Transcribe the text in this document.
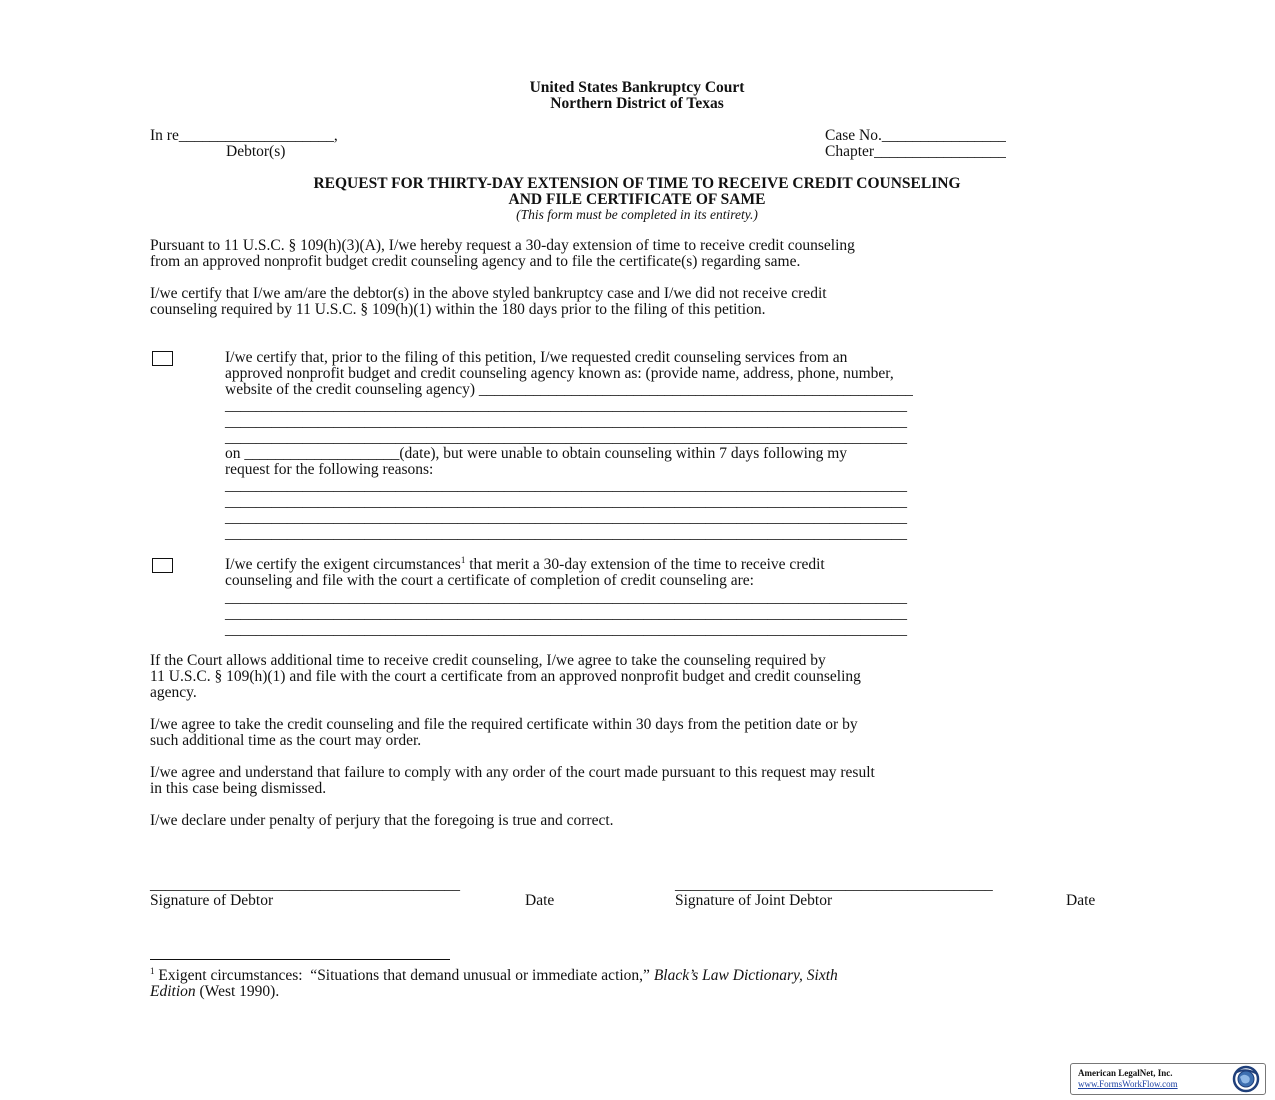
United States Bankruptcy Court
Northern District of Texas
In re____________________,
Debtor(s)
Case No.________________
Chapter_________________
REQUEST FOR THIRTY-DAY EXTENSION OF TIME TO RECEIVE CREDIT COUNSELING
AND FILE CERTIFICATE OF SAME
(This form must be completed in its entirety.)
Pursuant to 11 U.S.C. § 109(h)(3)(A), I/we hereby request a 30-day extension of time to receive credit counseling
from an approved nonprofit budget credit counseling agency and to file the certificate(s) regarding same.
I/we certify that I/we am/are the debtor(s) in the above styled bankruptcy case and I/we did not receive credit
counseling required by 11 U.S.C. § 109(h)(1) within the 180 days prior to the filing of this petition.
I/we certify that, prior to the filing of this petition, I/we requested credit counseling services from an
approved nonprofit budget and credit counseling agency known as: (provide name, address, phone, number,
website of the credit counseling agency) ________________________________________________________
________________________________________________________________________________________
________________________________________________________________________________________
________________________________________________________________________________________
on ____________________(date), but were unable to obtain counseling within 7 days following my
request for the following reasons:
________________________________________________________________________________________
________________________________________________________________________________________
________________________________________________________________________________________
________________________________________________________________________________________
I/we certify the exigent circumstances$^1$ that merit a 30-day extension of the time to receive credit
counseling and file with the court a certificate of completion of credit counseling are:
________________________________________________________________________________________
________________________________________________________________________________________
________________________________________________________________________________________
If the Court allows additional time to receive credit counseling, I/we agree to take the counseling required by
11 U.S.C. § 109(h)(1) and file with the court a certificate from an approved nonprofit budget and credit counseling
agency.
I/we agree to take the credit counseling and file the required certificate within 30 days from the petition date or by
such additional time as the court may order.
I/we agree and understand that failure to comply with any order of the court made pursuant to this request may result
in this case being dismissed.
I/we declare under penalty of perjury that the foregoing is true and correct.
________________________________________	_________________________________________
Signature of Debtor	Date	Signature of Joint Debtor	Date
$^1$ Exigent circumstances:  “Situations that demand unusual or immediate action,” Black’s Law Dictionary, Sixth
Edition (West 1990).
American LegalNet, Inc.
www.FormsWorkFlow.com
